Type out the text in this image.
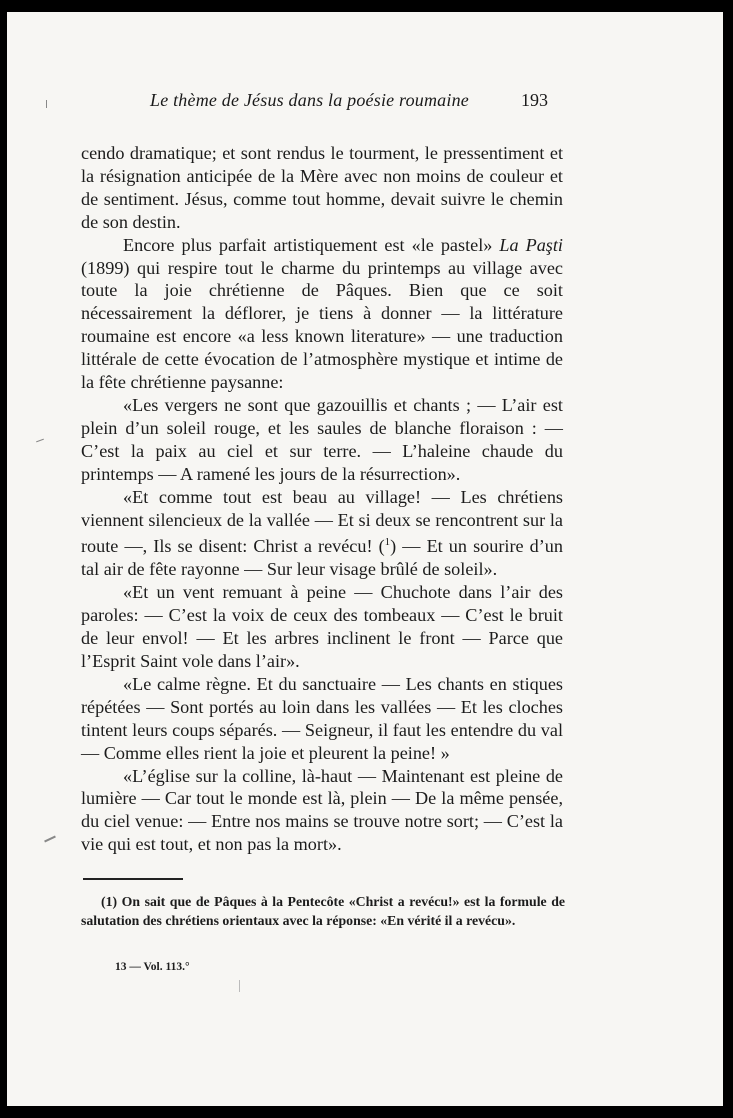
Le thème de Jésus dans la poésie roumaine	193

cendo dramatique; et sont rendus le tourment, le pressentiment et la résignation anticipée de la Mère avec non moins de couleur et de sentiment. Jésus, comme tout homme, devait suivre le chemin de son destin.

Encore plus parfait artistiquement est «le pastel» La Paşti (1899) qui respire tout le charme du printemps au village avec toute la joie chrétienne de Pâques. Bien que ce soit nécessairement la déflorer, je tiens à donner — la littérature roumaine est encore «a less known literature» — une traduction littérale de cette évocation de l’atmosphère mystique et intime de la fête chrétienne paysanne:

«Les vergers ne sont que gazouillis et chants ; — L’air est plein d’un soleil rouge, et les saules de blanche floraison : — C’est la paix au ciel et sur terre. — L’haleine chaude du printemps — A ramené les jours de la résurrection».

«Et comme tout est beau au village! — Les chrétiens viennent silencieux de la vallée — Et si deux se rencontrent sur la route —, Ils se disent: Christ a revécu! ($^1$) — Et un sourire d’un tal air de fête rayonne — Sur leur visage brûlé de soleil».

«Et un vent remuant à peine — Chuchote dans l’air des paroles: — C’est la voix de ceux des tombeaux — C’est le bruit de leur envol! — Et les arbres inclinent le front — Parce que l’Esprit Saint vole dans l’air».

«Le calme règne. Et du sanctuaire — Les chants en stiques répétées — Sont portés au loin dans les vallées — Et les cloches tintent leurs coups séparés. — Seigneur, il faut les entendre du val — Comme elles rient la joie et pleurent la peine! »

«L’église sur la colline, là-haut — Maintenant est pleine de lumière — Car tout le monde est là, plein — De la même pensée, du ciel venue: — Entre nos mains se trouve notre sort; — C’est la vie qui est tout, et non pas la mort».

(1) On sait que de Pâques à la Pentecôte «Christ a revécu!» est la formule de salutation des chrétiens orientaux avec la réponse: «En vérité il a revécu».

13 — Vol. 113.°
